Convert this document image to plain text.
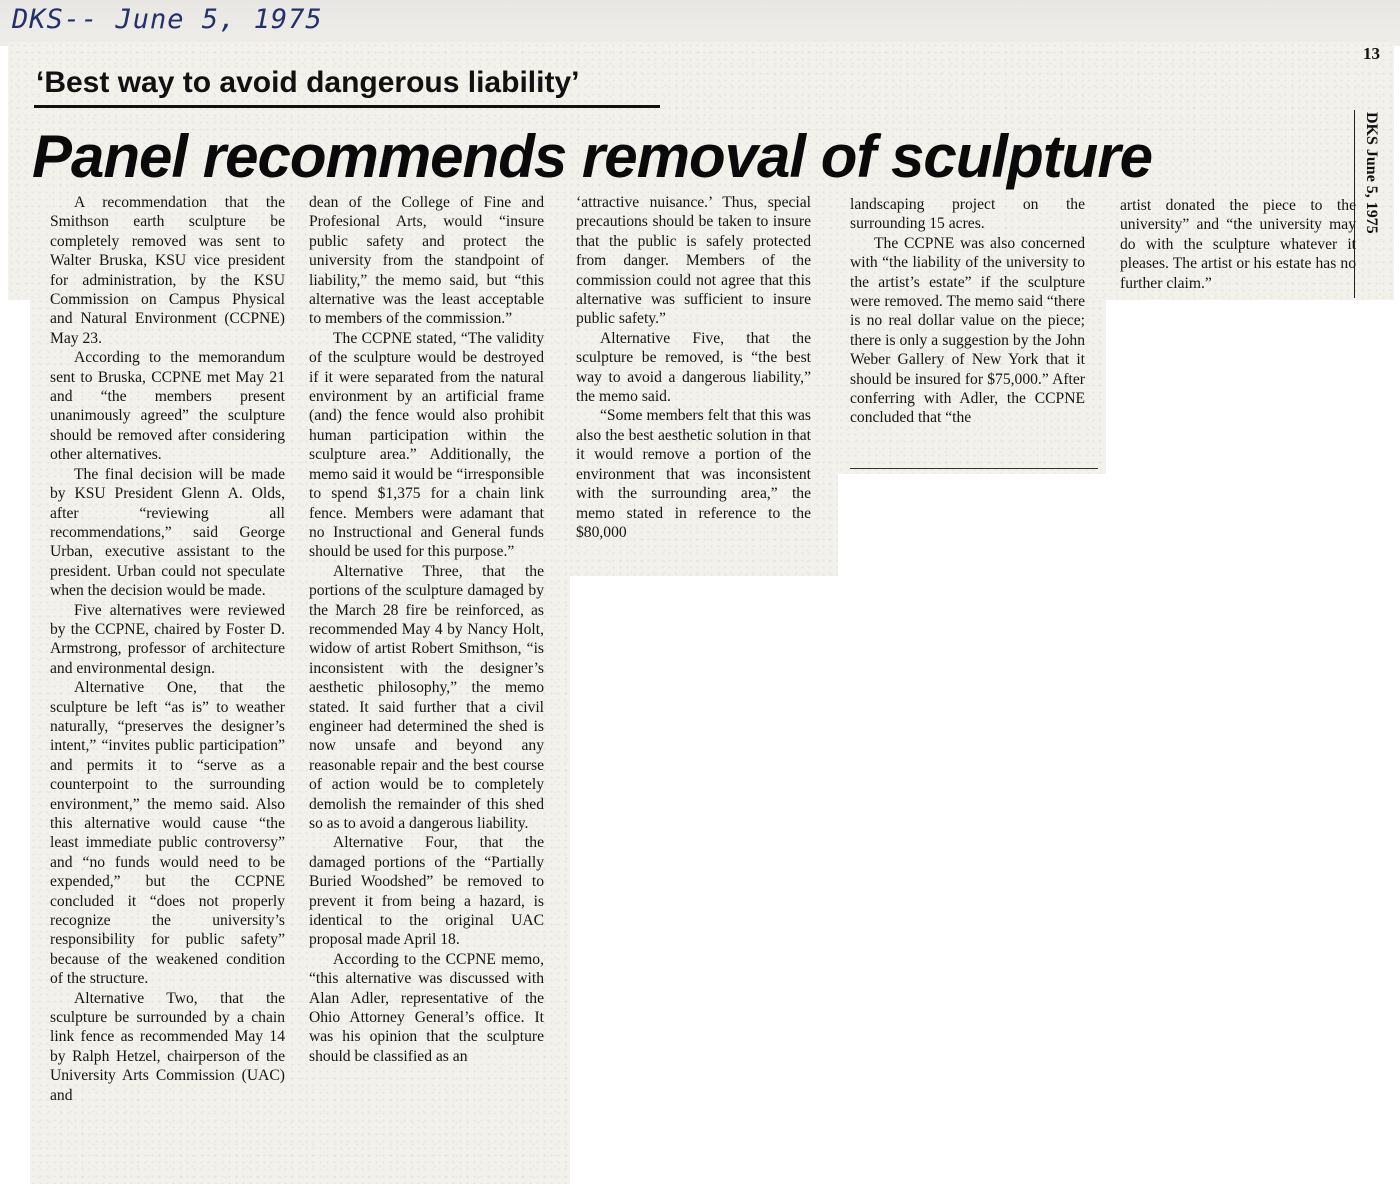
DKS-- June 5, 1975
13
DKS June 5, 1975
‘Best way to avoid dangerous liability’
Panel recommends removal of sculpture

A recommendation that the Smithson earth sculpture be completely removed was sent to Walter Bruska, KSU vice president for administration, by the KSU Commission on Campus Physical and Natural Environment (CCPNE) May 23.

According to the memorandum sent to Bruska, CCPNE met May 21 and “the members present unanimously agreed” the sculpture should be removed after considering other alternatives.

The final decision will be made by KSU President Glenn A. Olds, after “reviewing all recommendations,” said George Urban, executive assistant to the president. Urban could not speculate when the decision would be made.

Five alternatives were reviewed by the CCPNE, chaired by Foster D. Armstrong, professor of architecture and environmental design.

Alternative One, that the sculpture be left “as is” to weather naturally, “preserves the designer’s intent,” “invites public participation” and permits it to “serve as a counterpoint to the surrounding environment,” the memo said. Also this alternative would cause “the least immediate public controversy” and “no funds would need to be expended,” but the CCPNE concluded it “does not properly recognize the university’s responsibility for public safety” because of the weakened condition of the structure.

Alternative Two, that the sculpture be surrounded by a chain link fence as recommended May 14 by Ralph Hetzel, chairperson of the University Arts Commission (UAC) and

dean of the College of Fine and Profesional Arts, would “insure public safety and protect the university from the standpoint of liability,” the memo said, but “this alternative was the least acceptable to members of the commission.”

The CCPNE stated, “The validity of the sculpture would be destroyed if it were separated from the natural environment by an artificial frame (and) the fence would also prohibit human participation within the sculpture area.” Additionally, the memo said it would be “irresponsible to spend $1,375 for a chain link fence. Members were adamant that no Instructional and General funds should be used for this purpose.”

Alternative Three, that the portions of the sculpture damaged by the March 28 fire be reinforced, as recommended May 4 by Nancy Holt, widow of artist Robert Smithson, “is inconsistent with the designer’s aesthetic philosophy,” the memo stated. It said further that a civil engineer had determined the shed is now unsafe and beyond any reasonable repair and the best course of action would be to completely demolish the remainder of this shed so as to avoid a dangerous liability.

Alternative Four, that the damaged portions of the “Partially Buried Woodshed” be removed to prevent it from being a hazard, is identical to the original UAC proposal made April 18.

According to the CCPNE memo, “this alternative was discussed with Alan Adler, representative of the Ohio Attorney General’s office. It was his opinion that the sculpture should be classified as an

‘attractive nuisance.’ Thus, special precautions should be taken to insure that the public is safely protected from danger. Members of the commission could not agree that this alternative was sufficient to insure public safety.”

Alternative Five, that the sculpture be removed, is “the best way to avoid a dangerous liability,” the memo said.

“Some members felt that this was also the best aesthetic solution in that it would remove a portion of the environment that was inconsistent with the surrounding area,” the memo stated in reference to the $80,000

landscaping project on the surrounding 15 acres.

The CCPNE was also concerned with “the liability of the university to the artist’s estate” if the sculpture were removed. The memo said “there is no real dollar value on the piece; there is only a suggestion by the John Weber Gallery of New York that it should be insured for $75,000.” After conferring with Adler, the CCPNE concluded that “the

artist donated the piece to the university” and “the university may do with the sculpture whatever it pleases. The artist or his estate has no further claim.”
